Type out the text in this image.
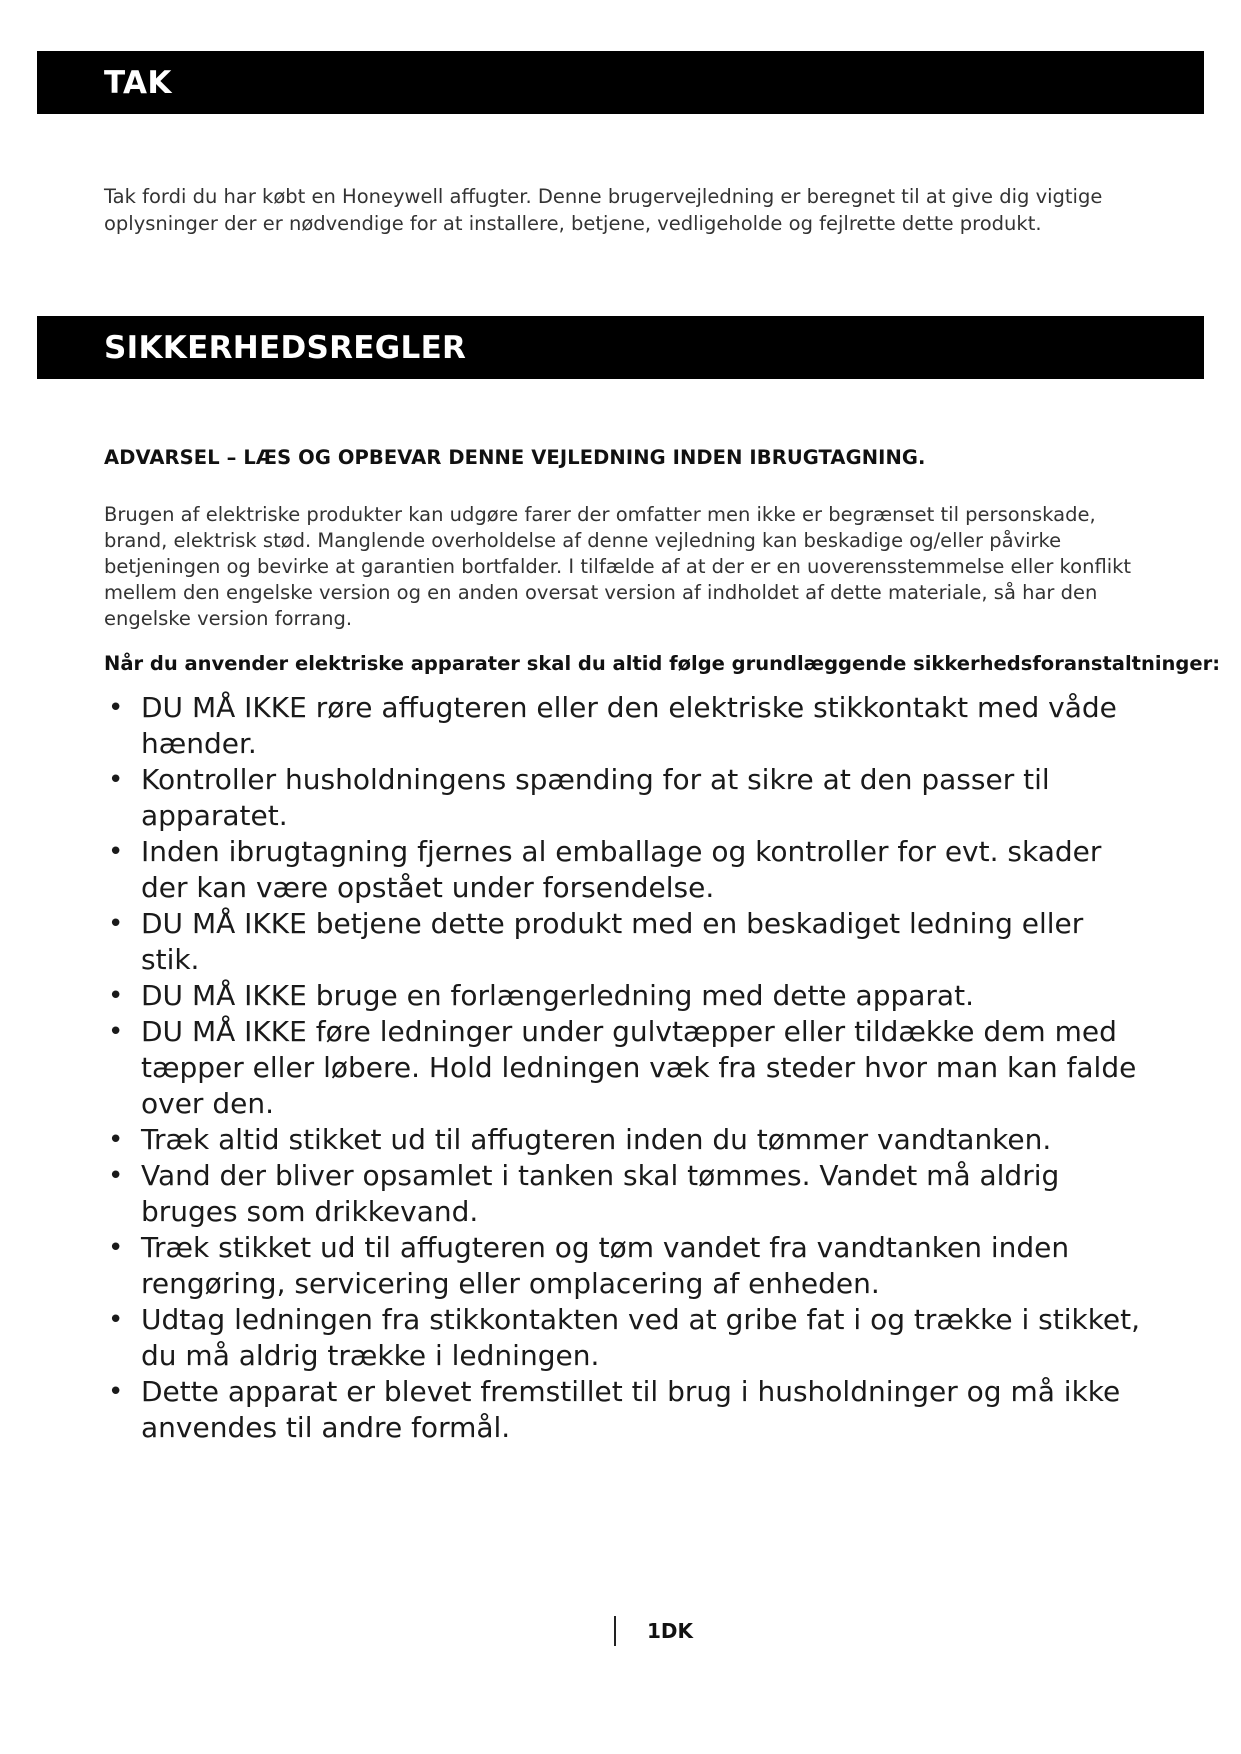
TAK

Tak fordi du har købt en Honeywell affugter. Denne brugervejledning er beregnet til at give dig vigtige oplysninger der er nødvendige for at installere, betjene, vedligeholde og fejlrette dette produkt.

SIKKERHEDSREGLER

ADVARSEL – LÆS OG OPBEVAR DENNE VEJLEDNING INDEN IBRUGTAGNING.

Brugen af elektriske produkter kan udgøre farer der omfatter men ikke er begrænset til personskade, brand, elektrisk stød. Manglende overholdelse af denne vejledning kan beskadige og/eller påvirke betjeningen og bevirke at garantien bortfalder. I tilfælde af at der er en uoverensstemmelse eller konflikt mellem den engelske version og en anden oversat version af indholdet af dette materiale, så har den engelske version forrang.

Når du anvender elektriske apparater skal du altid følge grundlæggende sikkerhedsforanstaltninger:

• DU MÅ IKKE røre affugteren eller den elektriske stikkontakt med våde hænder.
• Kontroller husholdningens spænding for at sikre at den passer til apparatet.
• Inden ibrugtagning fjernes al emballage og kontroller for evt. skader der kan være opstået under forsendelse.
• DU MÅ IKKE betjene dette produkt med en beskadiget ledning eller stik.
• DU MÅ IKKE bruge en forlængerledning med dette apparat.
• DU MÅ IKKE føre ledninger under gulvtæpper eller tildække dem med tæpper eller løbere. Hold ledningen væk fra steder hvor man kan falde over den.
• Træk altid stikket ud til affugteren inden du tømmer vandtanken.
• Vand der bliver opsamlet i tanken skal tømmes. Vandet må aldrig bruges som drikkevand.
• Træk stikket ud til affugteren og tøm vandet fra vandtanken inden rengøring, servicering eller omplacering af enheden.
• Udtag ledningen fra stikkontakten ved at gribe fat i og trække i stikket, du må aldrig trække i ledningen.
• Dette apparat er blevet fremstillet til brug i husholdninger og må ikke anvendes til andre formål.
1DK
